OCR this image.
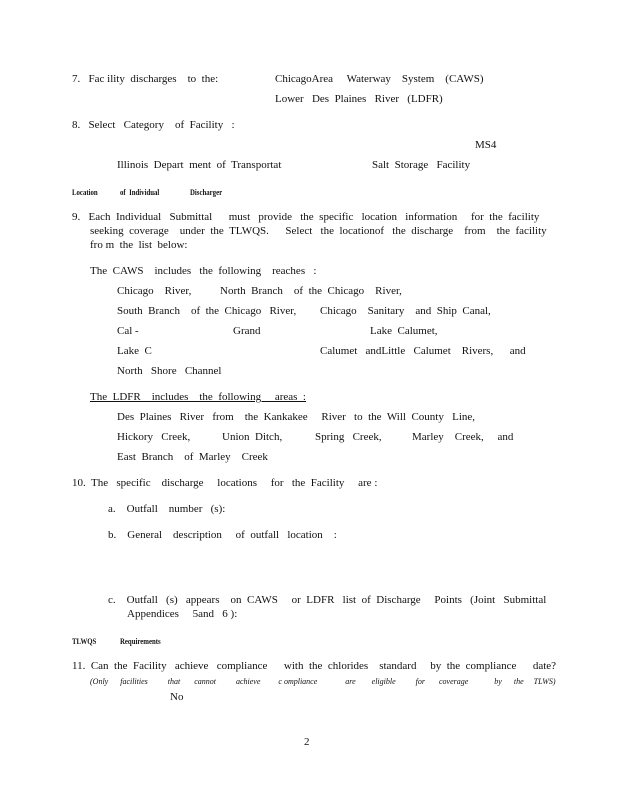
7.   Fac ility  discharges    to  the:	ChicagoArea     Waterway    System    (CAWS)
Lower   Des  Plaines   River   (LDFR)
8.   Select   Category    of  Facility   :
MS4
Illinois  Depart  ment  of  Transportat	Salt  Storage   Facility
Location	of  Individual	Discharger
9.   Each  Individual   Submittal      must   provide   the  specific   location   information     for  the  facility
seeking  coverage    under  the  TLWQS.      Select   the  locationof   the  discharge    from    the  facility
fro m  the  list  below:
The  CAWS    includes   the  following    reaches   :
Chicago    River,	North  Branch    of  the  Chicago    River,
South  Branch    of  the  Chicago   River, Chicago    Sanitary    and  Ship  Canal,
Cal -	Grand	Lake  Calumet,
Lake  C	Calumet   andLittle   Calumet    Rivers,      and
North   Shore   Channel
The  LDFR    includes    the  following     areas  :
Des  Plaines   River   from    the  Kankakee     River   to  the  Will  County   Line,
Hickory   Creek,	Union  Ditch,	Spring   Creek,	Marley    Creek,     and
East  Branch    of  Marley    Creek
10.  The   specific    discharge     locations     for   the  Facility     are :
a.    Outfall    number   (s):
b.    General    description     of  outfall   location    :
c.    Outfall   (s)   appears    on  CAWS     or  LDFR   list  of  Discharge     Points   (Joint   Submittal
Appendices     5and   6 ):
TLWQS	Requirements
11.  Can  the  Facility   achieve   compliance      with  the  chlorides    standard     by  the  compliance      date?
(Only      facilities          that       cannot          achieve         c ompliance              are        eligible          for       coverage             by      the     TLWS)
No
2
